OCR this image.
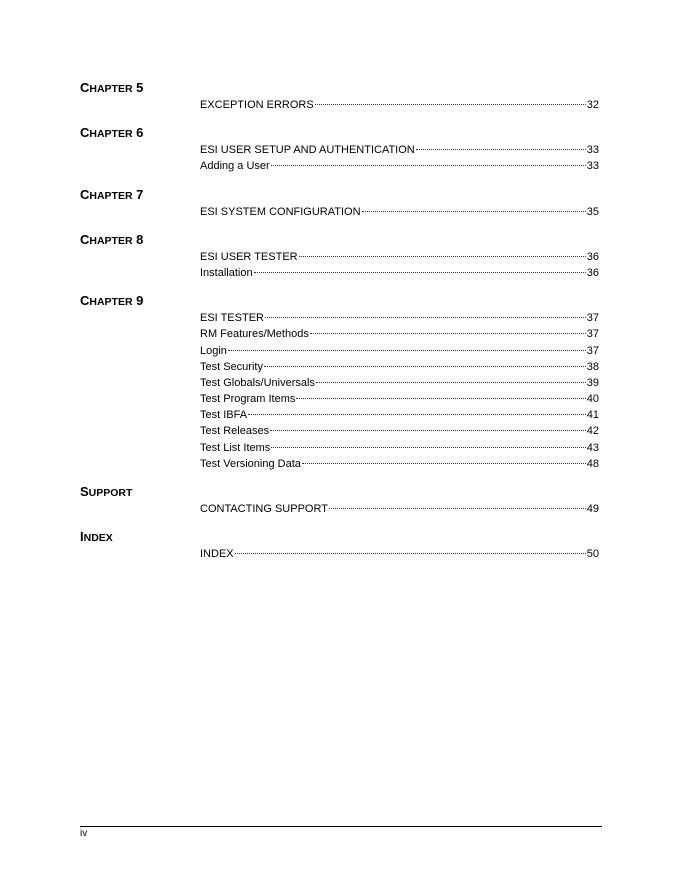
CHAPTER 5
EXCEPTION ERRORS	32
CHAPTER 6
ESI USER SETUP AND AUTHENTICATION	33
Adding a User	33
CHAPTER 7
ESI SYSTEM CONFIGURATION	35
CHAPTER 8
ESI USER TESTER	36
Installation	36
CHAPTER 9
ESI TESTER	37
RM Features/Methods	37
Login	37
Test Security	38
Test Globals/Universals	39
Test Program Items	40
Test IBFA	41
Test Releases	42
Test List Items	43
Test Versioning Data	48
SUPPORT
CONTACTING SUPPORT	49
INDEX
INDEX	50
iv
